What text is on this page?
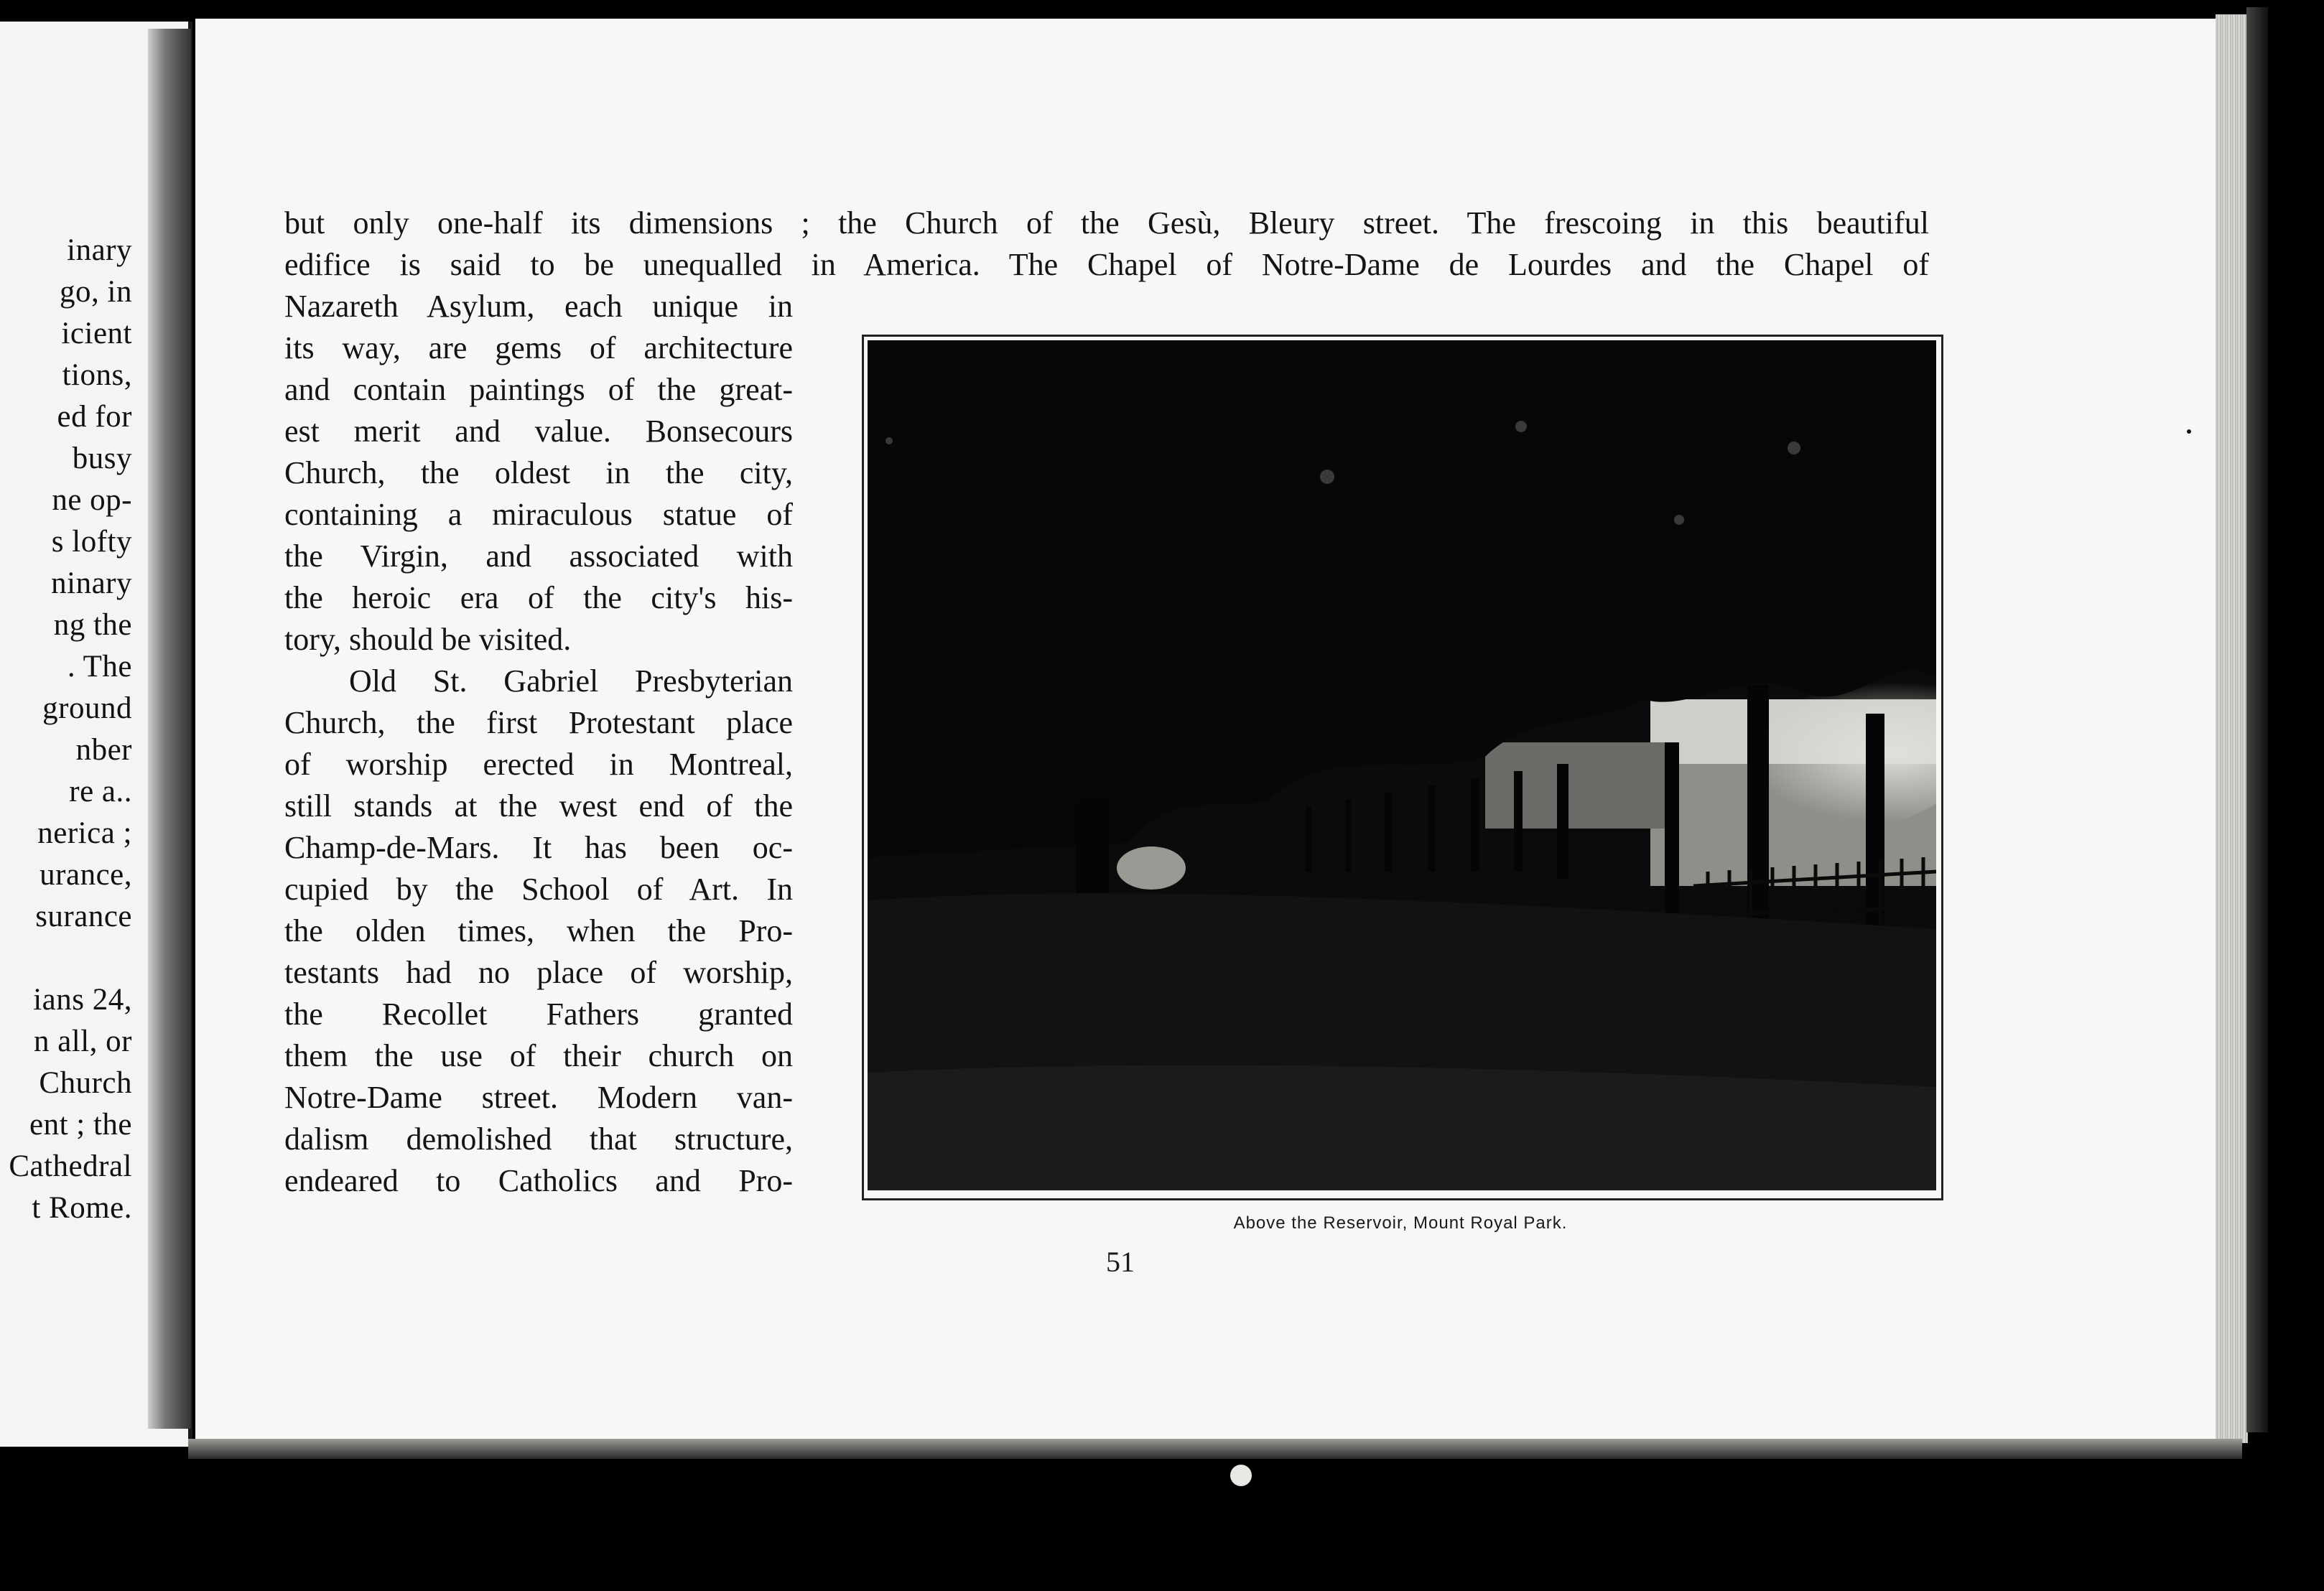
inary
go, in
icient
tions,
ed for
busy
ne op-
s lofty
ninary
ng the
. The
ground
nber
re a..
nerica ;
urance,
surance
ians 24,
n all, or
Church
ent ; the
Cathedral
t Rome.
but only one-half its dimensions ; the Church of the Gesù, Bleury street. The frescoing in this beautiful
edifice is said to be unequalled in America. The Chapel of Notre-Dame de Lourdes and the Chapel of
Nazareth Asylum, each unique in
its way, are gems of architecture
and contain paintings of the great-
est merit and value. Bonsecours
Church, the oldest in the city,
containing a miraculous statue of
the Virgin, and associated with
the heroic era of the city's his-
tory, should be visited.
Old St. Gabriel Presbyterian
Church, the first Protestant place
of worship erected in Montreal,
still stands at the west end of the
Champ-de-Mars. It has been oc-
cupied by the School of Art. In
the olden times, when the Pro-
testants had no place of worship,
the Recollet Fathers granted
them the use of their church on
Notre-Dame street. Modern van-
dalism demolished that structure,
endeared to Catholics and Pro-
Above the Reservoir, Mount Royal Park.
51
